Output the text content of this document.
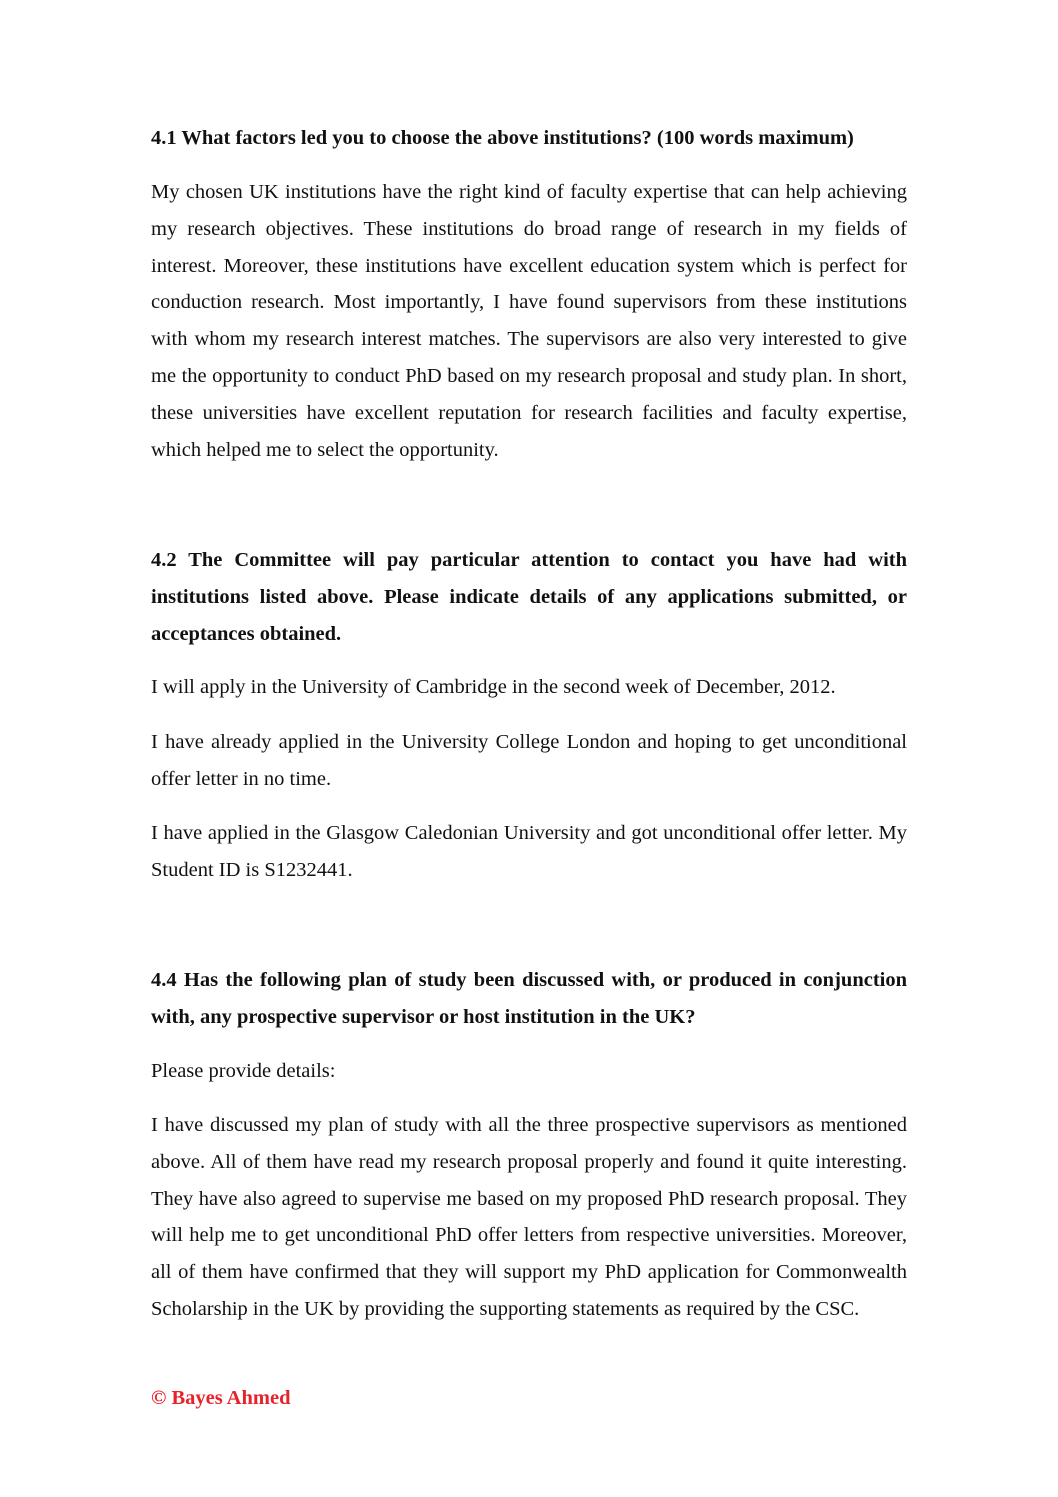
4.1 What factors led you to choose the above institutions? (100 words maximum)

My chosen UK institutions have the right kind of faculty expertise that can help achieving my research objectives. These institutions do broad range of research in my fields of interest. Moreover, these institutions have excellent education system which is perfect for conduction research. Most importantly, I have found supervisors from these institutions with whom my research interest matches. The supervisors are also very interested to give me the opportunity to conduct PhD based on my research proposal and study plan. In short, these universities have excellent reputation for research facilities and faculty expertise, which helped me to select the opportunity.

4.2 The Committee will pay particular attention to contact you have had with institutions listed above. Please indicate details of any applications submitted, or acceptances obtained.

I will apply in the University of Cambridge in the second week of December, 2012.

I have already applied in the University College London and hoping to get unconditional offer letter in no time.

I have applied in the Glasgow Caledonian University and got unconditional offer letter. My Student ID is S1232441.

4.4 Has the following plan of study been discussed with, or produced in conjunction with, any prospective supervisor or host institution in the UK?

Please provide details:

I have discussed my plan of study with all the three prospective supervisors as mentioned above. All of them have read my research proposal properly and found it quite interesting. They have also agreed to supervise me based on my proposed PhD research proposal. They will help me to get unconditional PhD offer letters from respective universities. Moreover, all of them have confirmed that they will support my PhD application for Commonwealth Scholarship in the UK by providing the supporting statements as required by the CSC.

© Bayes Ahmed
